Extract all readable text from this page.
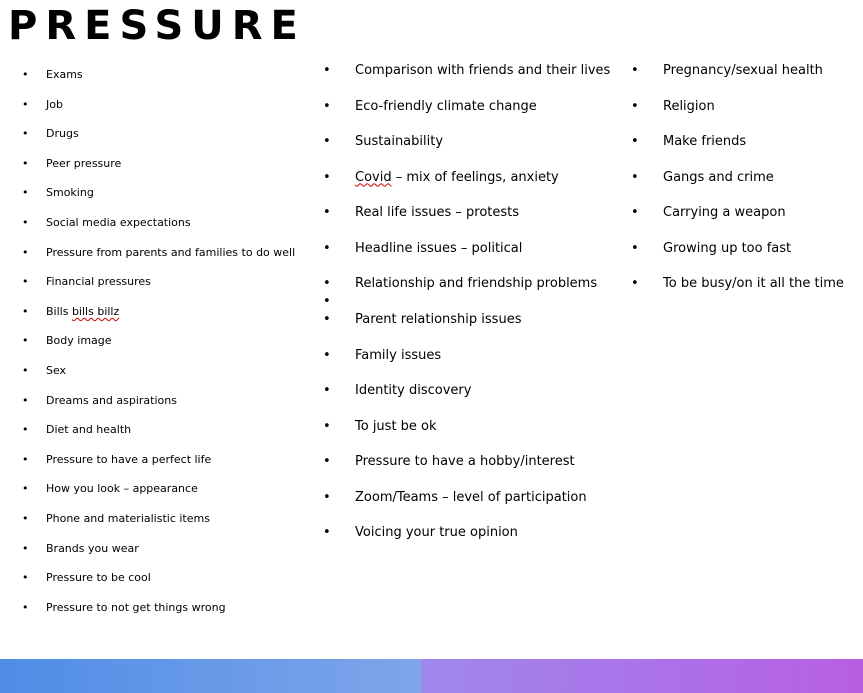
PRESSURE
• Exams
• Job
• Drugs
• Peer pressure
• Smoking
• Social media expectations
• Pressure from parents and families to do well
• Financial pressures
• Bills bills billz
• Body image
• Sex
• Dreams and aspirations
• Diet and health
• Pressure to have a perfect life
• How you look – appearance
• Phone and materialistic items
• Brands you wear
• Pressure to be cool
• Pressure to not get things wrong
• Comparison with friends and their lives
• Eco-friendly climate change
• Sustainability
• Covid – mix of feelings, anxiety
• Real life issues – protests
• Headline issues – political
• Relationship and friendship problems
•
• Parent relationship issues
• Family issues
• Identity discovery
• To just be ok
• Pressure to have a hobby/interest
• Zoom/Teams – level of participation
• Voicing your true opinion
• Pregnancy/sexual health
• Religion
• Make friends
• Gangs and crime
• Carrying a weapon
• Growing up too fast
• To be busy/on it all the time
